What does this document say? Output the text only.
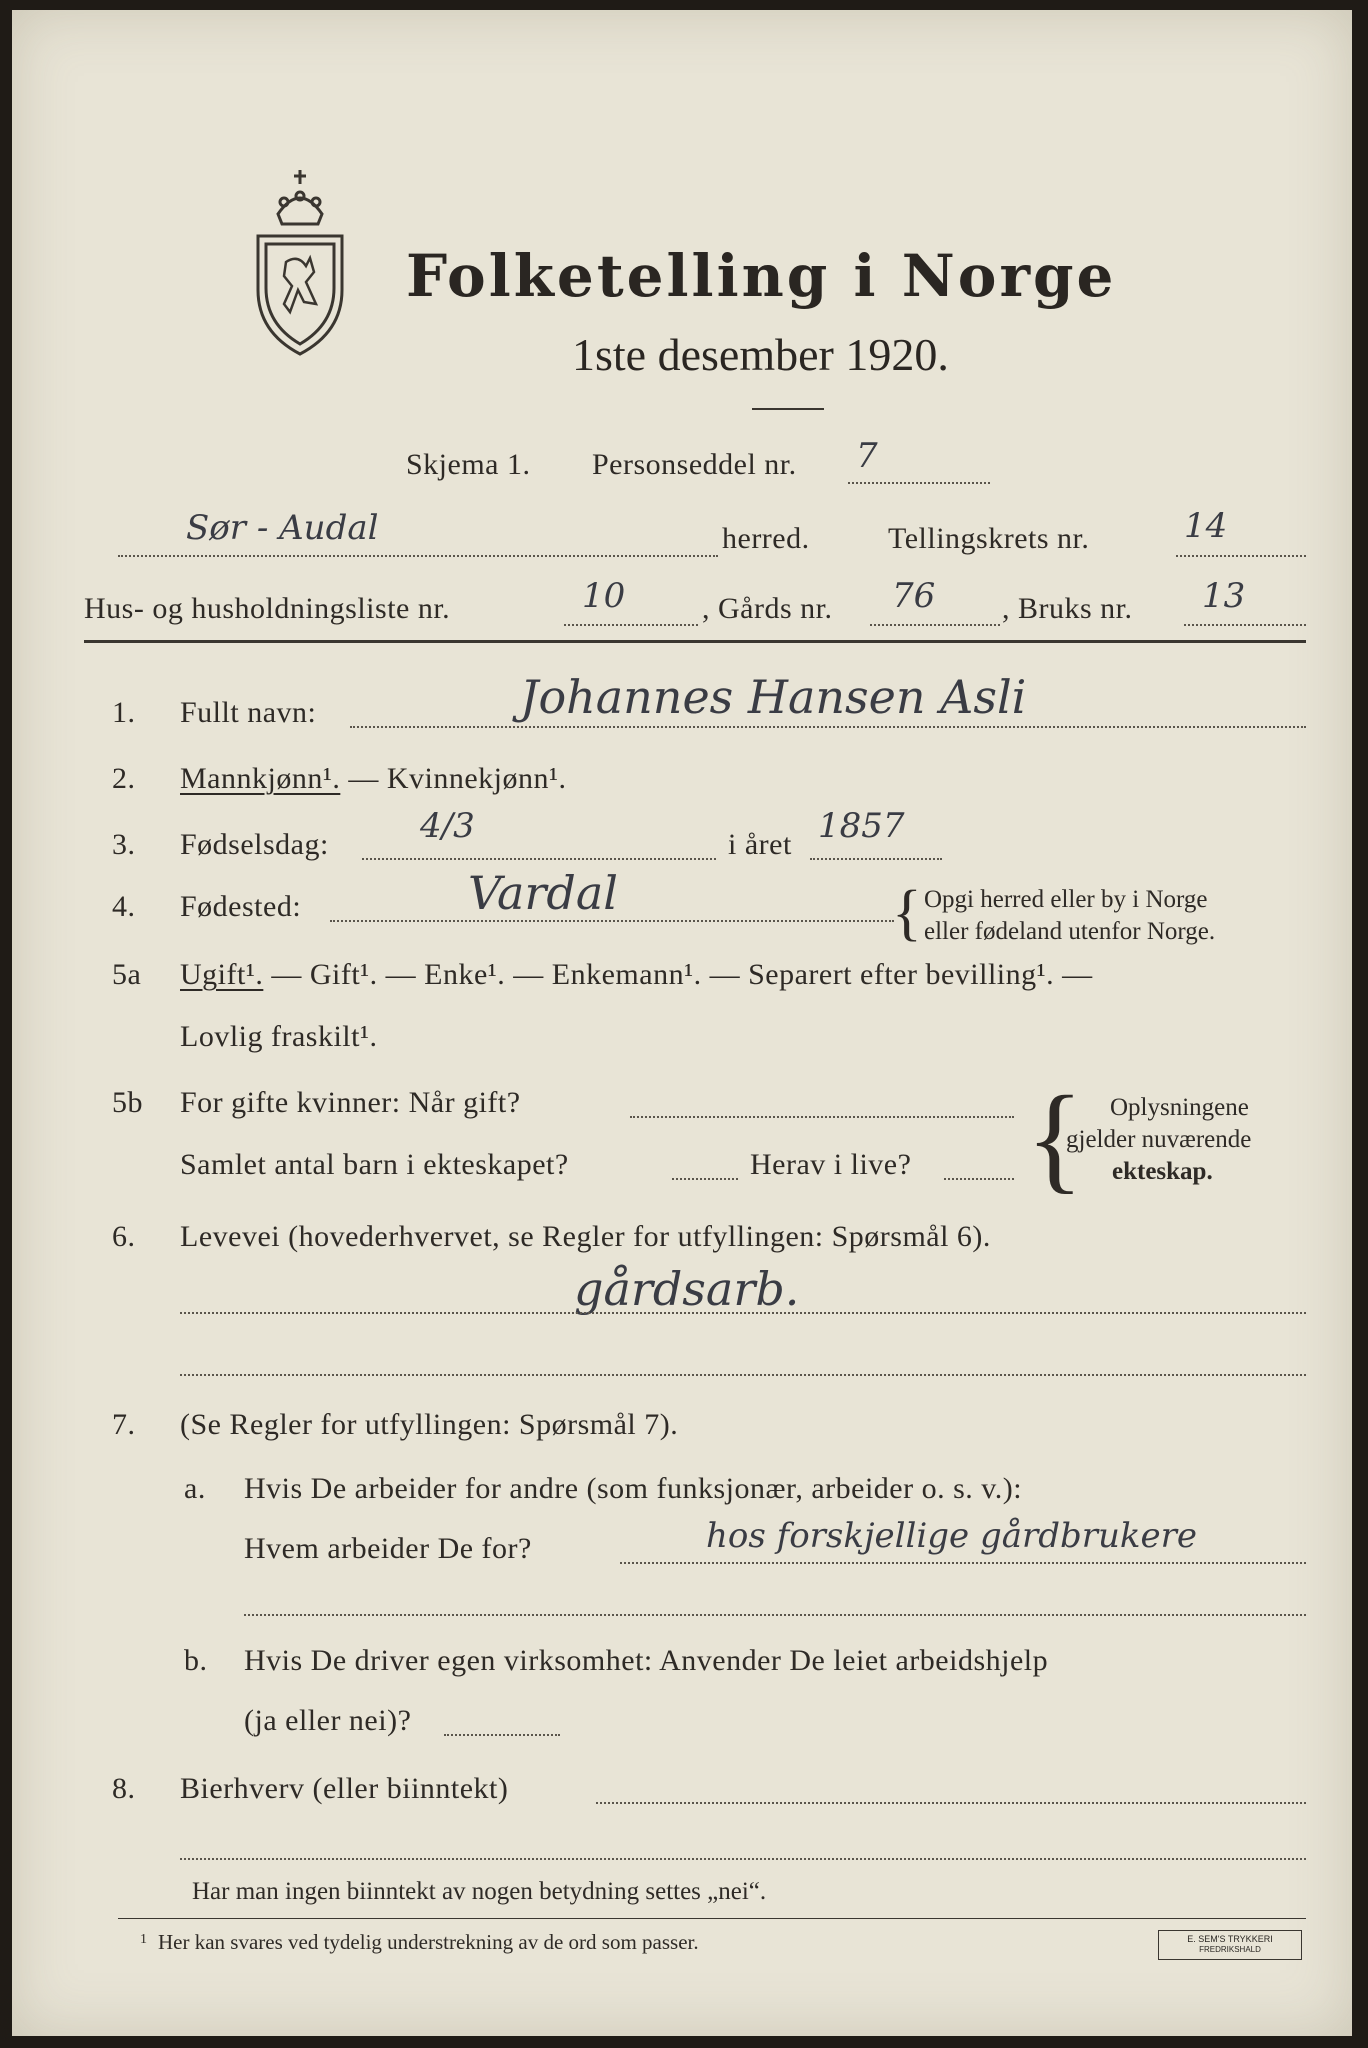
Folketelling i Norge
1ste desember 1920.
Skjema 1. Personseddel nr. 7
Sør - Audal	herred.	Tellingskrets nr.	14
Hus- og husholdningsliste nr.	10	, Gårds nr. 76 , Bruks nr. 13
1. Fullt navn:	Johannes Hansen Asli
2. Mannkjønn¹. — Kvinnekjønn¹.
3. Fødselsdag:	4/3	i året 1857
4. Fødested:	Vardal	{ Opgi herred eller by i Norge
eller fødeland utenfor Norge.
5a Ugift¹. — Gift¹. — Enke¹. — Enkemann¹. — Separert efter bevilling¹. —
Lovlig fraskilt¹.
5b For gifte kvinner: Når gift?
Samlet antal barn i ekteskapet?	Herav i live? { Oplysningene
gjelder nuværende
ekteskap.
6. Levevei (hovederhvervet, se Regler for utfyllingen: Spørsmål 6).
gårdsarb.
7. (Se Regler for utfyllingen: Spørsmål 7).
a. Hvis De arbeider for andre (som funksjonær, arbeider o. s. v.):
Hvem arbeider De for?	hos forskjellige gårdbrukere
b. Hvis De driver egen virksomhet: Anvender De leiet arbeidshjelp
(ja eller nei)?
8. Bierhverv (eller biinntekt)
Har man ingen biinntekt av nogen betydning settes „nei“.
1 Her kan svares ved tydelig understrekning av de ord som passer.	E. SEM'S TRYKKERI
FREDRIKSHALD
